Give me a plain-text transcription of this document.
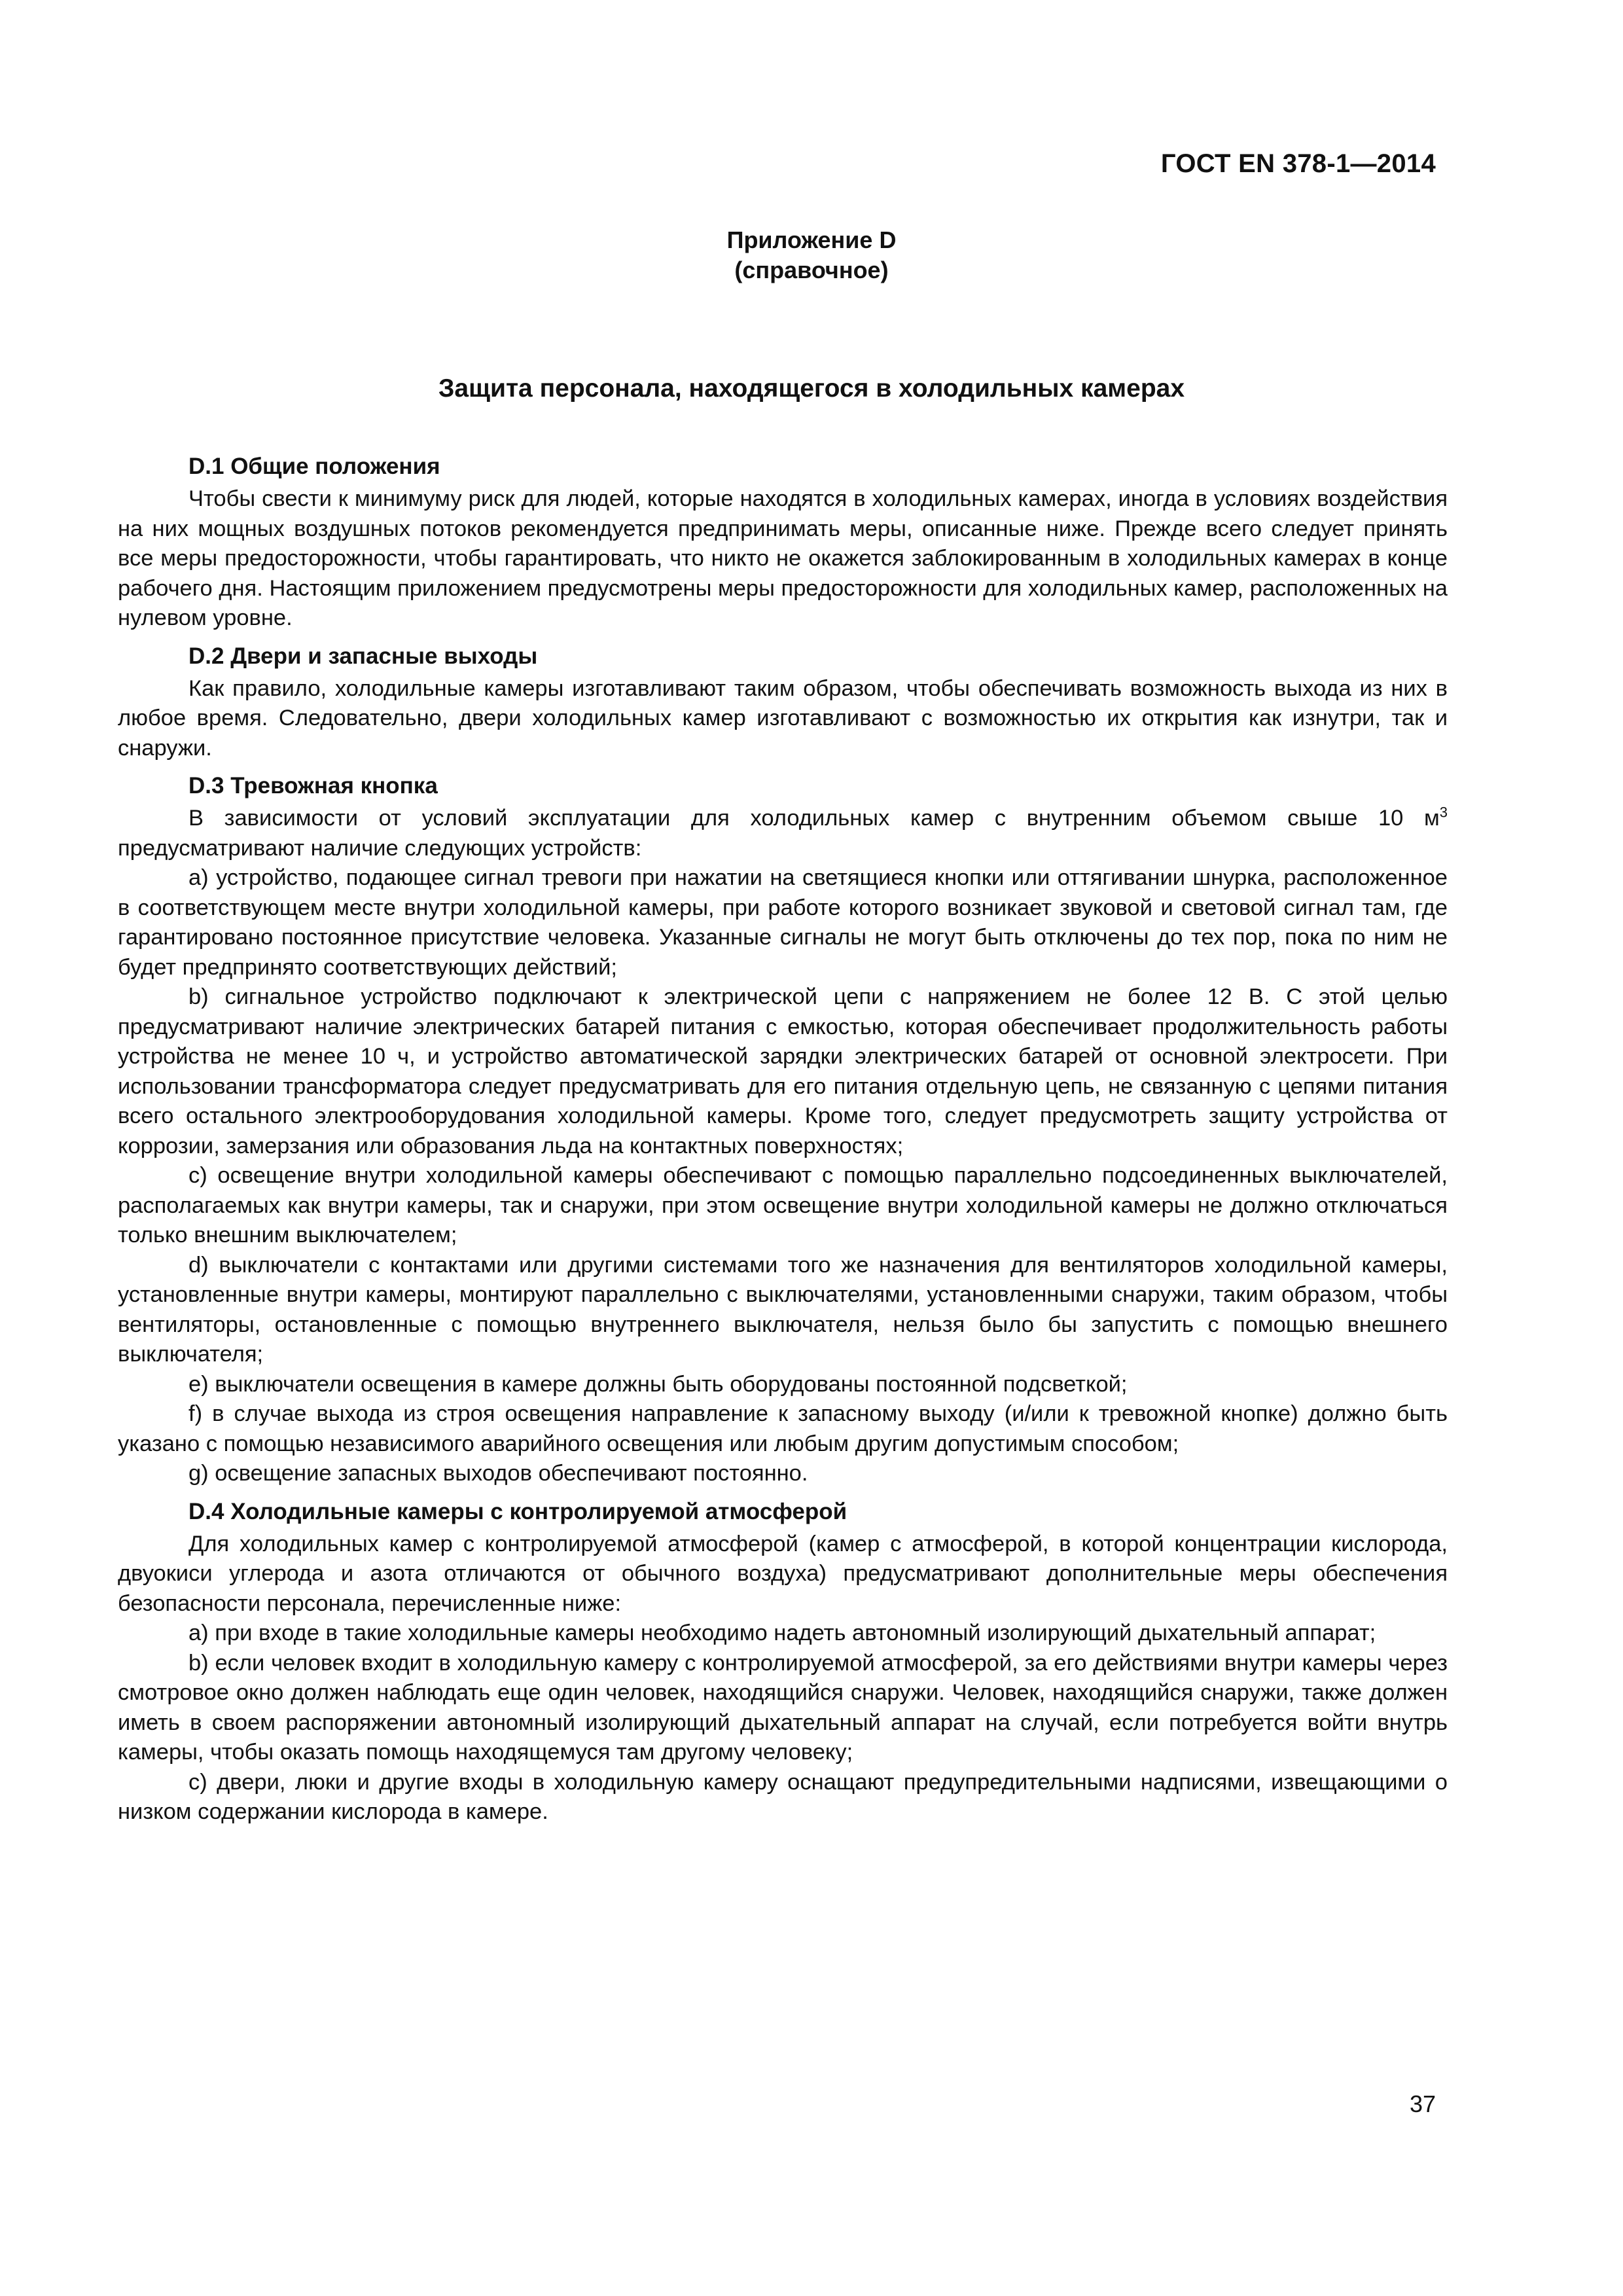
ГОСТ EN 378-1—2014
Приложение D
(справочное)
Защита персонала, находящегося в холодильных камерах
D.1 Общие положения

Чтобы свести к минимуму риск для людей, которые находятся в холодильных камерах, иногда в условиях воздействия на них мощных воздушных потоков рекомендуется предпринимать меры, описанные ниже. Прежде всего следует принять все меры предосторожности, чтобы гарантировать, что никто не окажется заблокированным в холодильных камерах в конце рабочего дня. Настоящим приложением предусмотрены меры предосторожности для холодильных камер, расположенных на нулевом уровне.

D.2 Двери и запасные выходы

Как правило, холодильные камеры изготавливают таким образом, чтобы обеспечивать возможность выхода из них в любое время. Следовательно, двери холодильных камер изготавливают с возможностью их открытия как изнутри, так и снаружи.

D.3 Тревожная кнопка

В зависимости от условий эксплуатации для холодильных камер с внутренним объемом свыше 10 $м^3$ предусматривают наличие следующих устройств:

a) устройство, подающее сигнал тревоги при нажатии на светящиеся кнопки или оттягивании шнурка, расположенное в соответствующем месте внутри холодильной камеры, при работе которого возникает звуковой и световой сигнал там, где гарантировано постоянное присутствие человека. Указанные сигналы не могут быть отключены до тех пор, пока по ним не будет предпринято соответствующих действий;

b) сигнальное устройство подключают к электрической цепи с напряжением не более 12 В. С этой целью предусматривают наличие электрических батарей питания с емкостью, которая обеспечивает продолжительность работы устройства не менее 10 ч, и устройство автоматической зарядки электрических батарей от основной электросети. При использовании трансформатора следует предусматривать для его питания отдельную цепь, не связанную с цепями питания всего остального электрооборудования холодильной камеры. Кроме того, следует предусмотреть защиту устройства от коррозии, замерзания или образования льда на контактных поверхностях;

c) освещение внутри холодильной камеры обеспечивают с помощью параллельно подсоединенных выключателей, располагаемых как внутри камеры, так и снаружи, при этом освещение внутри холодильной камеры не должно отключаться только внешним выключателем;

d) выключатели с контактами или другими системами того же назначения для вентиляторов холодильной камеры, установленные внутри камеры, монтируют параллельно с выключателями, установленными снаружи, таким образом, чтобы вентиляторы, остановленные с помощью внутреннего выключателя, нельзя было бы запустить с помощью внешнего выключателя;

e) выключатели освещения в камере должны быть оборудованы постоянной подсветкой;

f) в случае выхода из строя освещения направление к запасному выходу (и/или к тревожной кнопке) должно быть указано с помощью независимого аварийного освещения или любым другим допустимым способом;

g) освещение запасных выходов обеспечивают постоянно.

D.4 Холодильные камеры с контролируемой атмосферой

Для холодильных камер с контролируемой атмосферой (камер с атмосферой, в которой концентрации кислорода, двуокиси углерода и азота отличаются от обычного воздуха) предусматривают дополнительные меры обеспечения безопасности персонала, перечисленные ниже:

a) при входе в такие холодильные камеры необходимо надеть автономный изолирующий дыхательный аппарат;

b) если человек входит в холодильную камеру с контролируемой атмосферой, за его действиями внутри камеры через смотровое окно должен наблюдать еще один человек, находящийся снаружи. Человек, находящийся снаружи, также должен иметь в своем распоряжении автономный изолирующий дыхательный аппарат на случай, если потребуется войти внутрь камеры, чтобы оказать помощь находящемуся там другому человеку;

c) двери, люки и другие входы в холодильную камеру оснащают предупредительными надписями, извещающими о низком содержании кислорода в камере.

37
